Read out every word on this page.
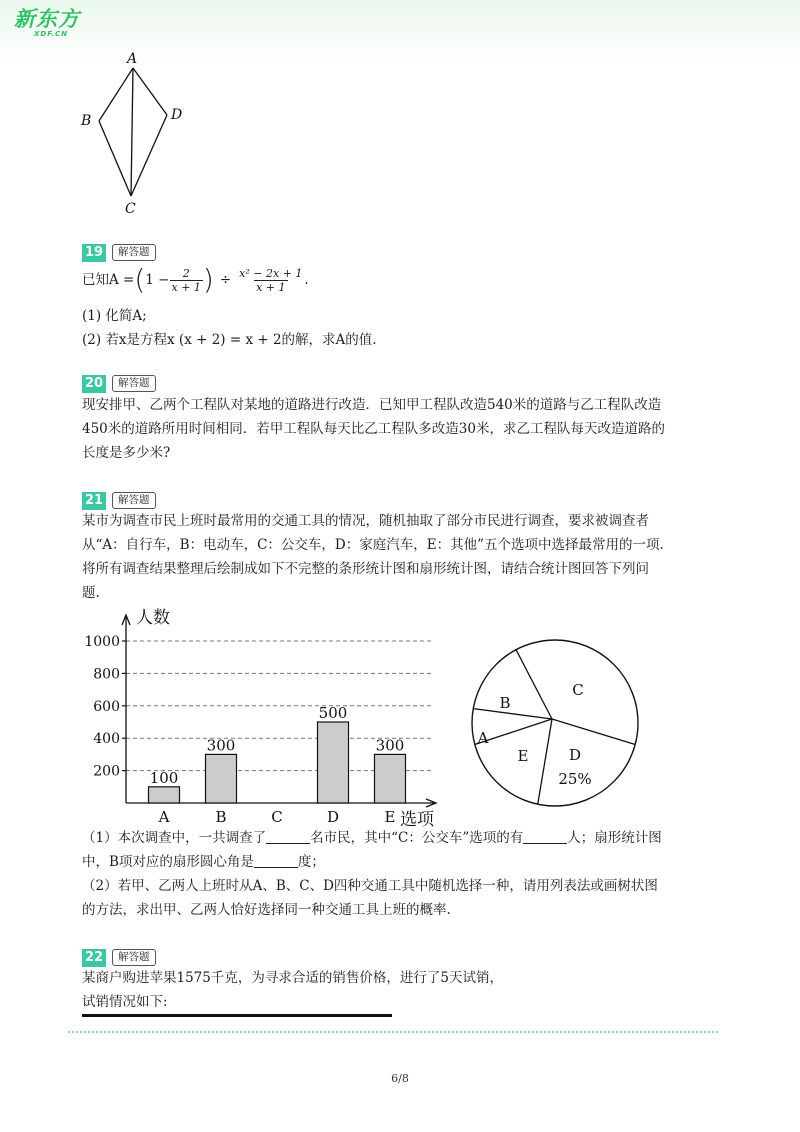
新东方
XDF.CN
A
B
C
D
19	解答题
已知A = ( $1 - \frac{2}{x + 1}$ ) ÷ $\frac{\text{x² − 2x + 1}}{x + 1}$ .
(1) 化简A;
(2) 若x是方程x (x + 2) = x + 2的解，求A的值.
20	解答题
现安排甲、乙两个工程队对某地的道路进行改造．已知甲工程队改造540米的道路与乙工程队改造
450米的道路所用时间相同．若甲工程队每天比乙工程队多改造30米，求乙工程队每天改造道路的
长度是多少米?
21	解答题
某市为调查市民上班时最常用的交通工具的情况，随机抽取了部分市民进行调查，要求被调查者
从“A：自行车，B：电动车，C：公交车，D：家庭汽车，E：其他”五个选项中选择最常用的一项.
将所有调查结果整理后绘制成如下不完整的条形统计图和扇形统计图，请结合统计图回答下列问
题.
200
400
600
800
1000
人数
选项
100
A
300
B	C
500
D
300
E
C
D
25%
E
A
B
（1）本次调查中，一共调查了	名市民，其中“C：公交车”选项的有	人；扇形统计图
中，B项对应的扇形圆心角是	度；
（2）若甲、乙两人上班时从A、B、C、D四种交通工具中随机选择一种，请用列表法或画树状图
的方法，求出甲、乙两人恰好选择同一种交通工具上班的概率.
22	解答题
某商户购进苹果1575千克，为寻求合适的销售价格，进行了5天试销，
试销情况如下:
6/8
